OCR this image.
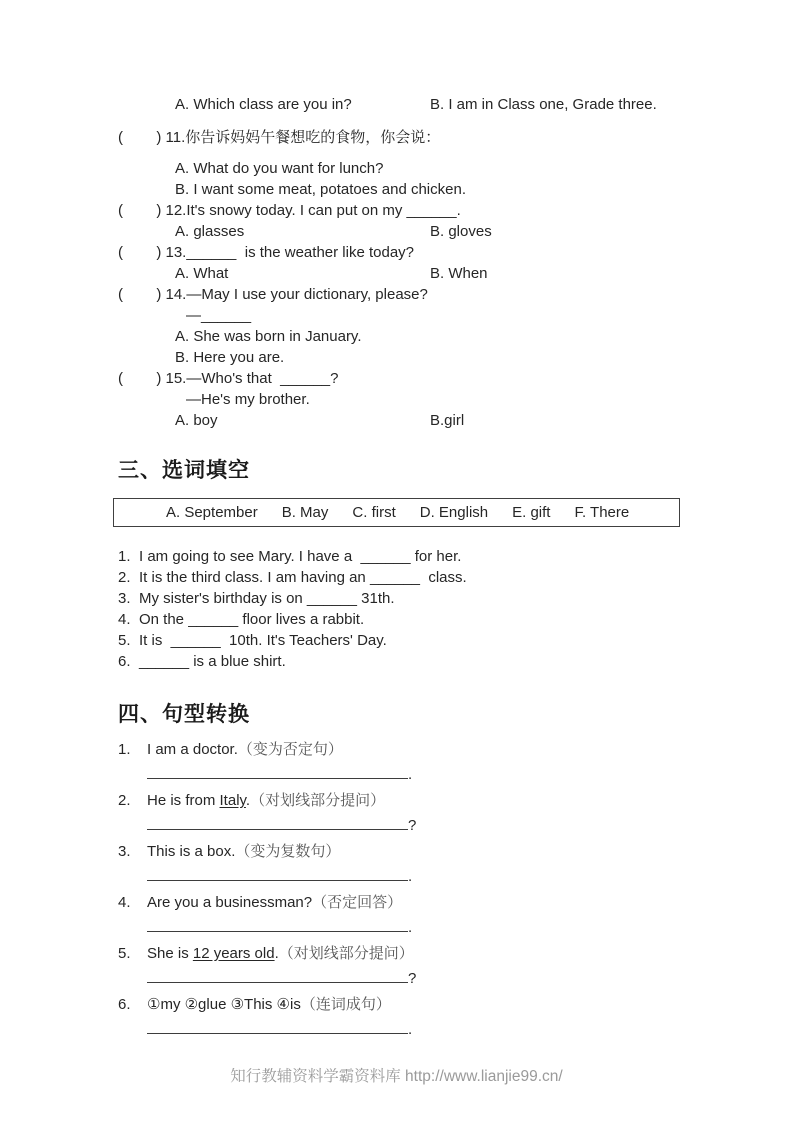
A. Which class are you in?	B. I am in Class one, Grade three.
(        ) 11.你告诉妈妈午餐想吃的食物，你会说：
A. What do you want for lunch?
B. I want some meat, potatoes and chicken.
(        ) 12.It's snowy today. I can put on my ______.
A. glasses	B. gloves
(        ) 13.______  is the weather like today?
A. What	B. When
(        ) 14.—May I use your dictionary, please?
—______
A. She was born in January.
B. Here you are.
(        ) 15.—Who's that  ______?
—He's my brother.
A. boy	B.girl
三、选词填空
A. September B. May C. first D. English E. gift F. There
1. I am going to see Mary. I have a  ______ for her.
2. It is the third class. I am having an ______  class.
3. My sister's birthday is on ______ 31th.
4. On the ______ floor lives a rabbit.
5. It is  ______  10th. It's Teachers' Day.
6. ______ is a blue shirt.
四、句型转换
1.	I am a doctor.（变为否定句）
.
2.	He is from Italy.（对划线部分提问）
?
3.	This is a box.（变为复数句）
.
4.	Are you a businessman?（否定回答）
.
5.	She is 12 years old.（对划线部分提问）
?
6.	①my ②glue ③This ④is（连词成句）
.
知行教辅资料学霸资料库 http://www.lianjie99.cn/
